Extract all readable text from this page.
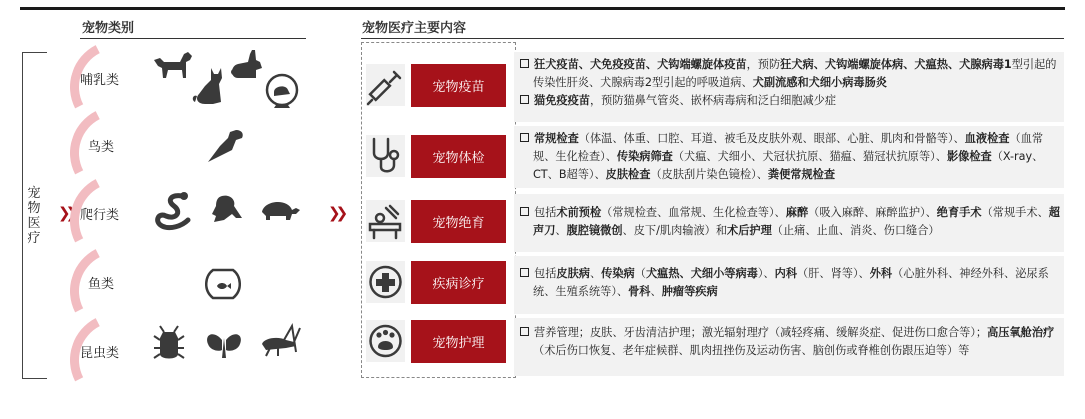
宠物类别	宠物医疗主要内容
宠物医疗
❯❯	❯❯
哺乳类
鸟类
爬行类
鱼类
昆虫类
宠物疫苗

狂犬疫苗、犬免疫疫苗、犬钩端螺旋体疫苗，预防狂犬病、犬钩端螺旋体病、犬瘟热、犬腺病毒1型引起的传染性肝炎、犬腺病毒2型引起的呼吸道病、犬副流感和犬细小病毒肠炎

猫免疫疫苗，预防猫鼻气管炎、嵌杯病毒病和泛白细胞减少症

宠物体检

常规检查（体温、体重、口腔、耳道、被毛及皮肤外观、眼部、心脏、肌肉和骨骼等）、血液检查（血常规、生化检查）、传染病筛查（犬瘟、犬细小、犬冠状抗原、猫瘟、猫冠状抗原等）、影像检查（X-ray、CT、B超等）、皮肤检查（皮肤刮片染色镜检）、粪便常规检查

宠物绝育

包括术前预检（常规检查、血常规、生化检查等）、麻醉（吸入麻醉、麻醉监护）、绝育手术（常规手术、超声刀、腹腔镜微创、皮下/肌肉输液）和术后护理（止痛、止血、消炎、伤口缝合）

疾病诊疗

包括皮肤病、传染病（犬瘟热、犬细小等病毒）、内科（肝、肾等）、外科（心脏外科、神经外科、泌尿系统、生殖系统等）、骨科、肿瘤等疾病

宠物护理

营养管理；皮肤、牙齿清洁护理；激光辐射理疗（减轻疼痛、缓解炎症、促进伤口愈合等）；高压氧舱治疗（术后伤口恢复、老年症候群、肌肉扭挫伤及运动伤害、脑创伤或脊椎创伤跟压迫等）等
